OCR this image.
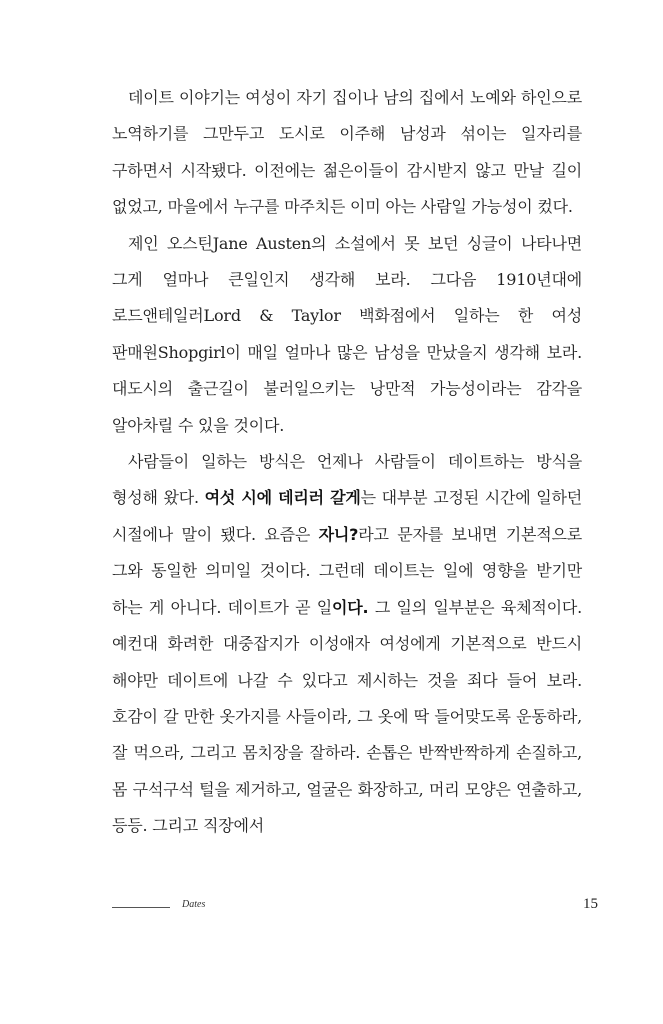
데이트 이야기는 여성이 자기 집이나 남의 집에서 노예와 하인으로 노역하기를 그만두고 도시로 이주해 남성과 섞이는 일자리를 구하면서 시작됐다. 이전에는 젊은이들이 감시받지 않고 만날 길이 없었고, 마을에서 누구를 마주치든 이미 아는 사람일 가능성이 컸다.

제인 오스틴Jane Austen의 소설에서 못 보던 싱글이 나타나면 그게 얼마나 큰일인지 생각해 보라. 그다음 1910년대에 로드앤테일러Lord & Taylor 백화점에서 일하는 한 여성 판매원Shopgirl이 매일 얼마나 많은 남성을 만났을지 생각해 보라. 대도시의 출근길이 불러일으키는 낭만적 가능성이라는 감각을 알아차릴 수 있을 것이다.

사람들이 일하는 방식은 언제나 사람들이 데이트하는 방식을 형성해 왔다. 여섯 시에 데리러 갈게는 대부분 고정된 시간에 일하던 시절에나 말이 됐다. 요즘은 자니?라고 문자를 보내면 기본적으로 그와 동일한 의미일 것이다. 그런데 데이트는 일에 영향을 받기만 하는 게 아니다. 데이트가 곧 일이다. 그 일의 일부분은 육체적이다. 예컨대 화려한 대중잡지가 이성애자 여성에게 기본적으로 반드시 해야만 데이트에 나갈 수 있다고 제시하는 것을 죄다 들어 보라. 호감이 갈 만한 옷가지를 사들이라, 그 옷에 딱 들어맞도록 운동하라, 잘 먹으라, 그리고 몸치장을 잘하라. 손톱은 반짝반짝하게 손질하고, 몸 구석구석 털을 제거하고, 얼굴은 화장하고, 머리 모양은 연출하고, 등등. 그리고 직장에서

Dates	15
